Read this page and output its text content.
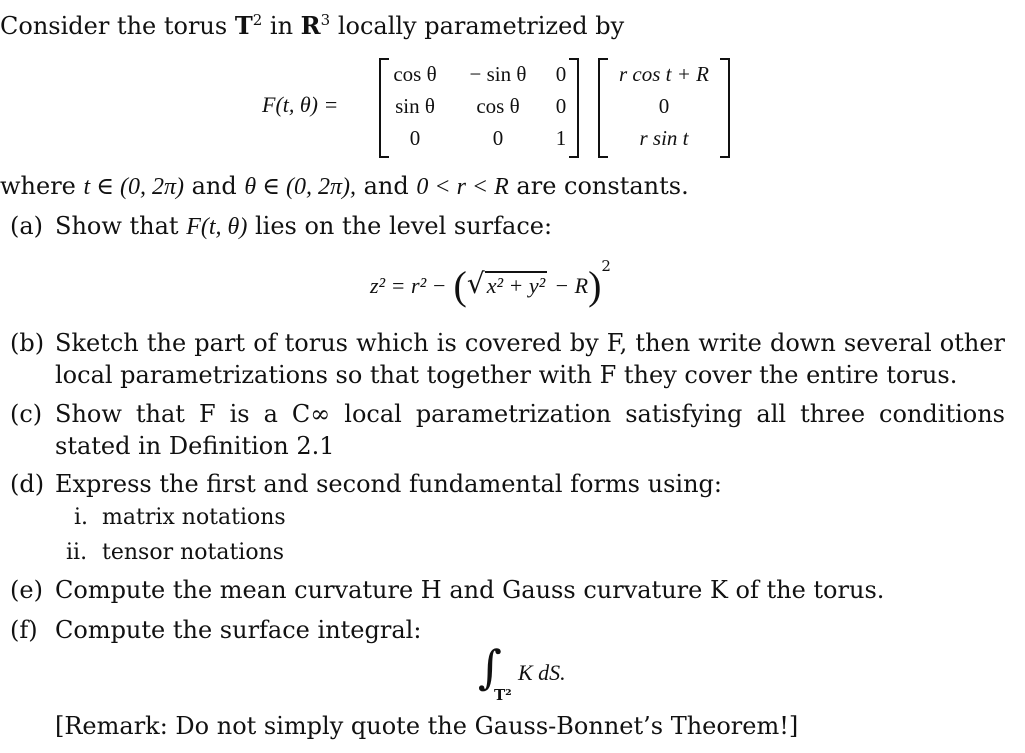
Consider the torus $T^2$ in $R^3$ locally parametrized by
F(t, θ) =
cos θ	− sin θ	0
sin θ	cos θ	0
0	0	1
r cos t + R
0
r sin t
where t ∈ (0, 2π) and θ ∈ (0, 2π), and 0 < r < R are constants.
(a) Show that F(t, θ) lies on the level surface:
$z^2 = r^2 - (√x^2 + y^2 - R)^2$
(b) Sketch the part of torus which is covered by F, then write down several other local parametrizations so that together with F they cover the entire torus.
(c) Show that F is a C∞ local parametrization satisfying all three conditions stated in Definition 2.1
(d) Express the first and second fundamental forms using:
i. matrix notations
ii. tensor notations
(e) Compute the mean curvature H and Gauss curvature K of the torus.
(f) Compute the surface integral:
∫
T²
K dS.
[Remark: Do not simply quote the Gauss-Bonnet’s Theorem!]
